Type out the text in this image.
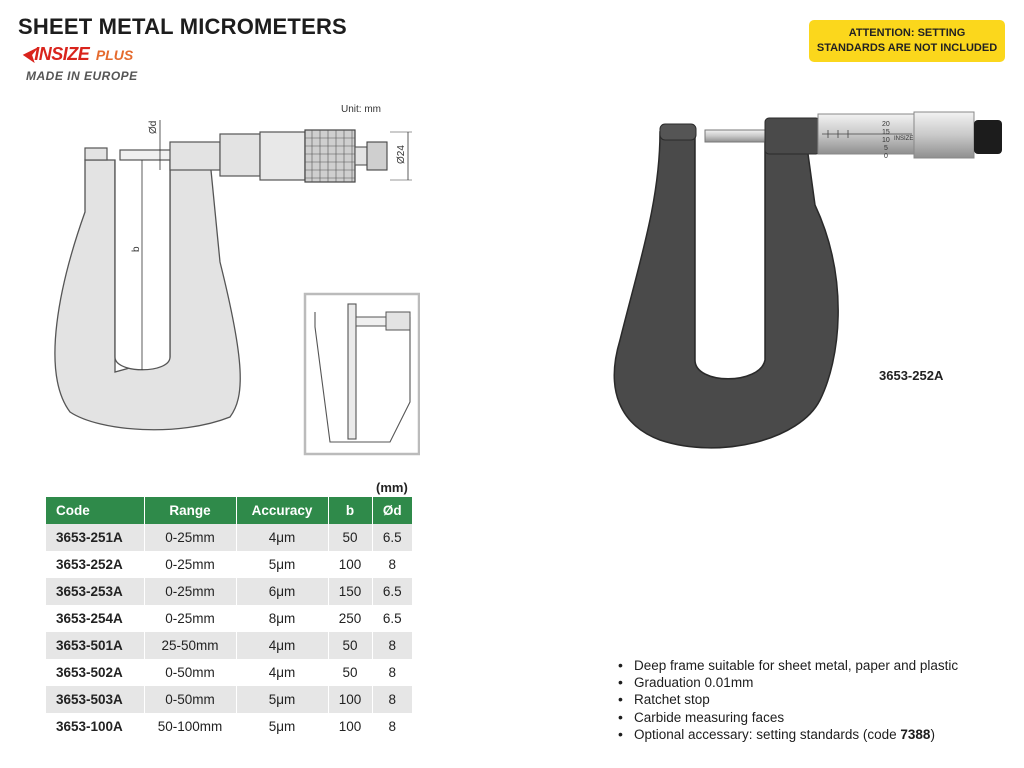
SHEET METAL MICROMETERS
⮜INSIZE PLUS
MADE IN EUROPE
ATTENTION: SETTING
STANDARDS ARE NOT INCLUDED
Unit: mm
Ød
b
Ø24
20
15
10
5
0
INSIZE
3653-252A
(mm)
Code	Range	Accuracy	b	Ød
3653-251A	0-25mm	4μm	50	6.5
3653-252A	0-25mm	5μm	100	8
3653-253A	0-25mm	6μm	150	6.5
3653-254A	0-25mm	8μm	250	6.5
3653-501A	25-50mm	4μm	50	8
3653-502A	0-50mm	4μm	50	8
3653-503A	0-50mm	5μm	100	8
3653-100A	50-100mm	5μm	100	8
• Deep frame suitable for sheet metal, paper and plastic
• Graduation 0.01mm
• Ratchet stop
• Carbide measuring faces
• Optional accessary: setting standards (code 7388)
